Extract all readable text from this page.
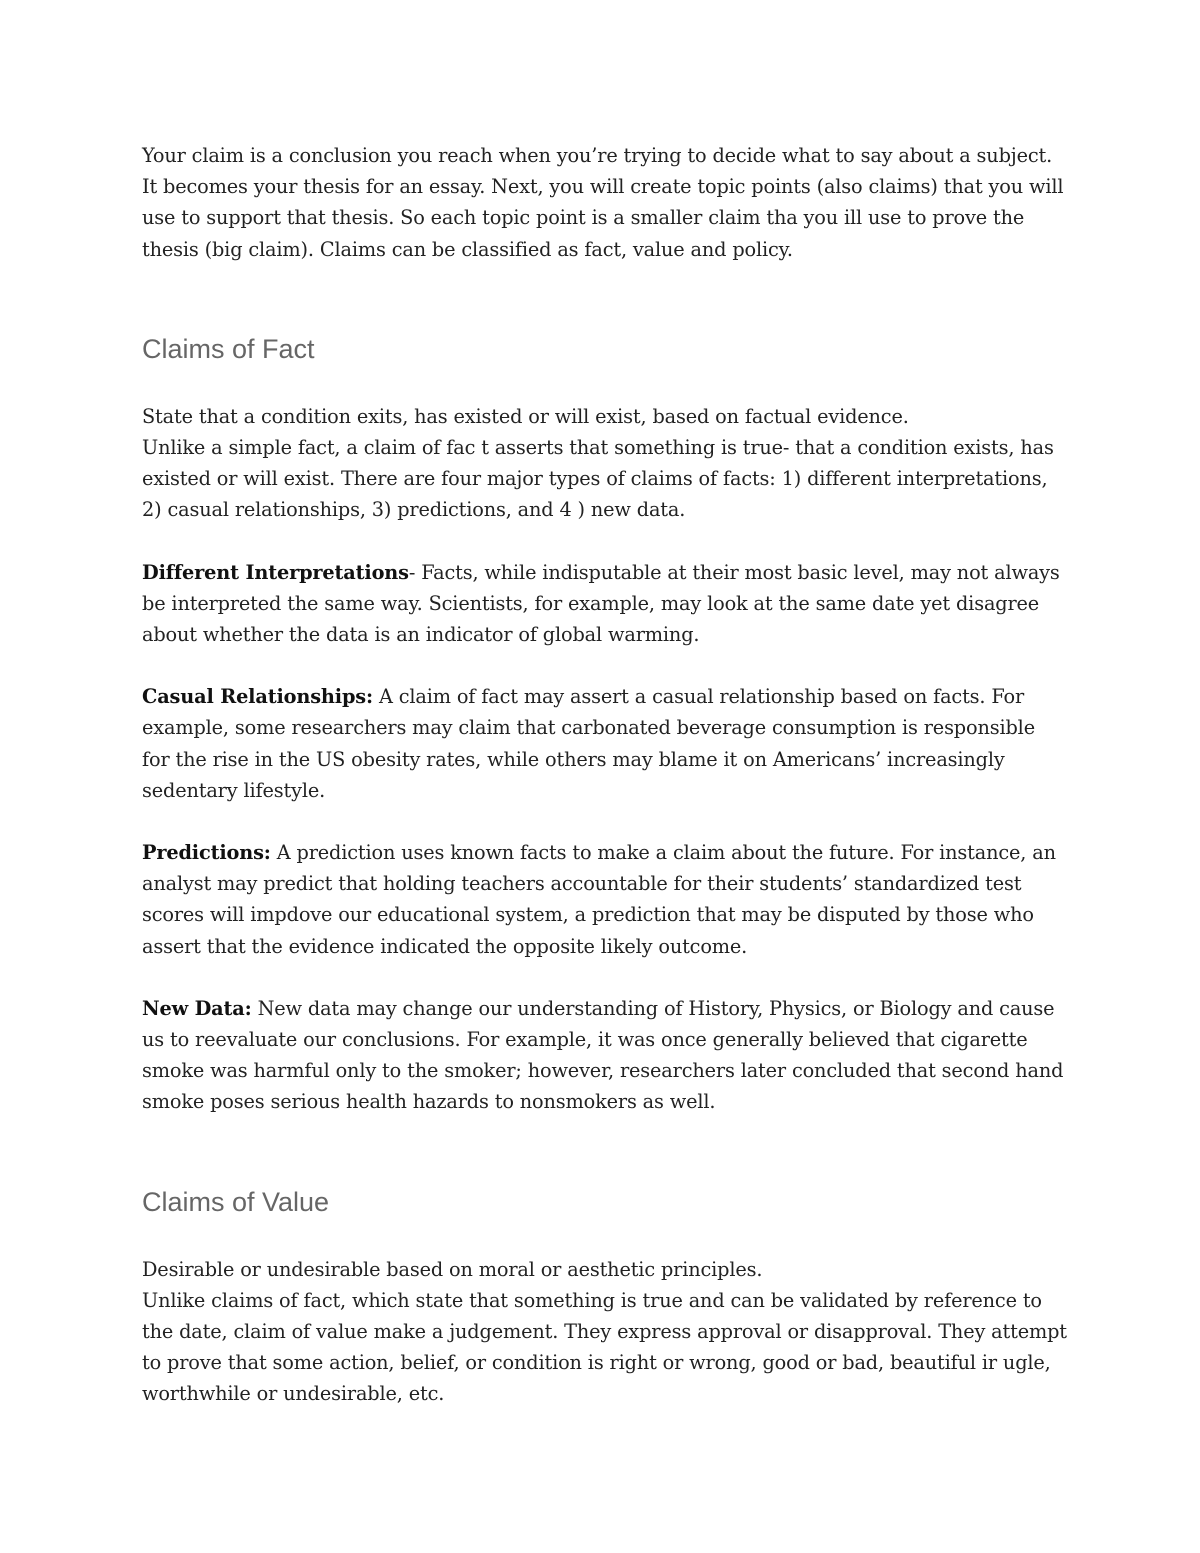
Your claim is a conclusion you reach when you’re trying to decide what to say about a subject. It becomes your thesis for an essay. Next, you will create topic points (also claims) that you will use to support that thesis. So each topic point is a smaller claim tha you ill use to prove the thesis (big claim). Claims can be classified as fact, value and policy.

Claims of Fact

State that a condition exits, has existed or will exist, based on factual evidence.
Unlike a simple fact, a claim of fac t asserts that something is true- that a condition exists, has existed or will exist. There are four major types of claims of facts: 1) different interpretations, 2) casual relationships, 3) predictions, and 4 ) new data.

Different Interpretations- Facts, while indisputable at their most basic level, may not always be interpreted the same way. Scientists, for example, may look at the same date yet disagree about whether the data is an indicator of global warming.

Casual Relationships: A claim of fact may assert a casual relationship based on facts. For example, some researchers may claim that carbonated beverage consumption is responsible for the rise in the US obesity rates, while others may blame it on Americans’ increasingly sedentary lifestyle.

Predictions: A prediction uses known facts to make a claim about the future. For instance, an analyst may predict that holding teachers accountable for their students’ standardized test scores will impdove our educational system, a prediction that may be disputed by those who assert that the evidence indicated the opposite likely outcome.

New Data: New data may change our understanding of History, Physics, or Biology and cause us to reevaluate our conclusions. For example, it was once generally believed that cigarette smoke was harmful only to the smoker; however, researchers later concluded that second hand smoke poses serious health hazards to nonsmokers as well.

Claims of Value

Desirable or undesirable based on moral or aesthetic principles.
Unlike claims of fact, which state that something is true and can be validated by reference to the date, claim of value make a judgement. They express approval or disapproval. They attempt to prove that some action, belief, or condition is right or wrong, good or bad, beautiful ir ugle, worthwhile or undesirable, etc.
